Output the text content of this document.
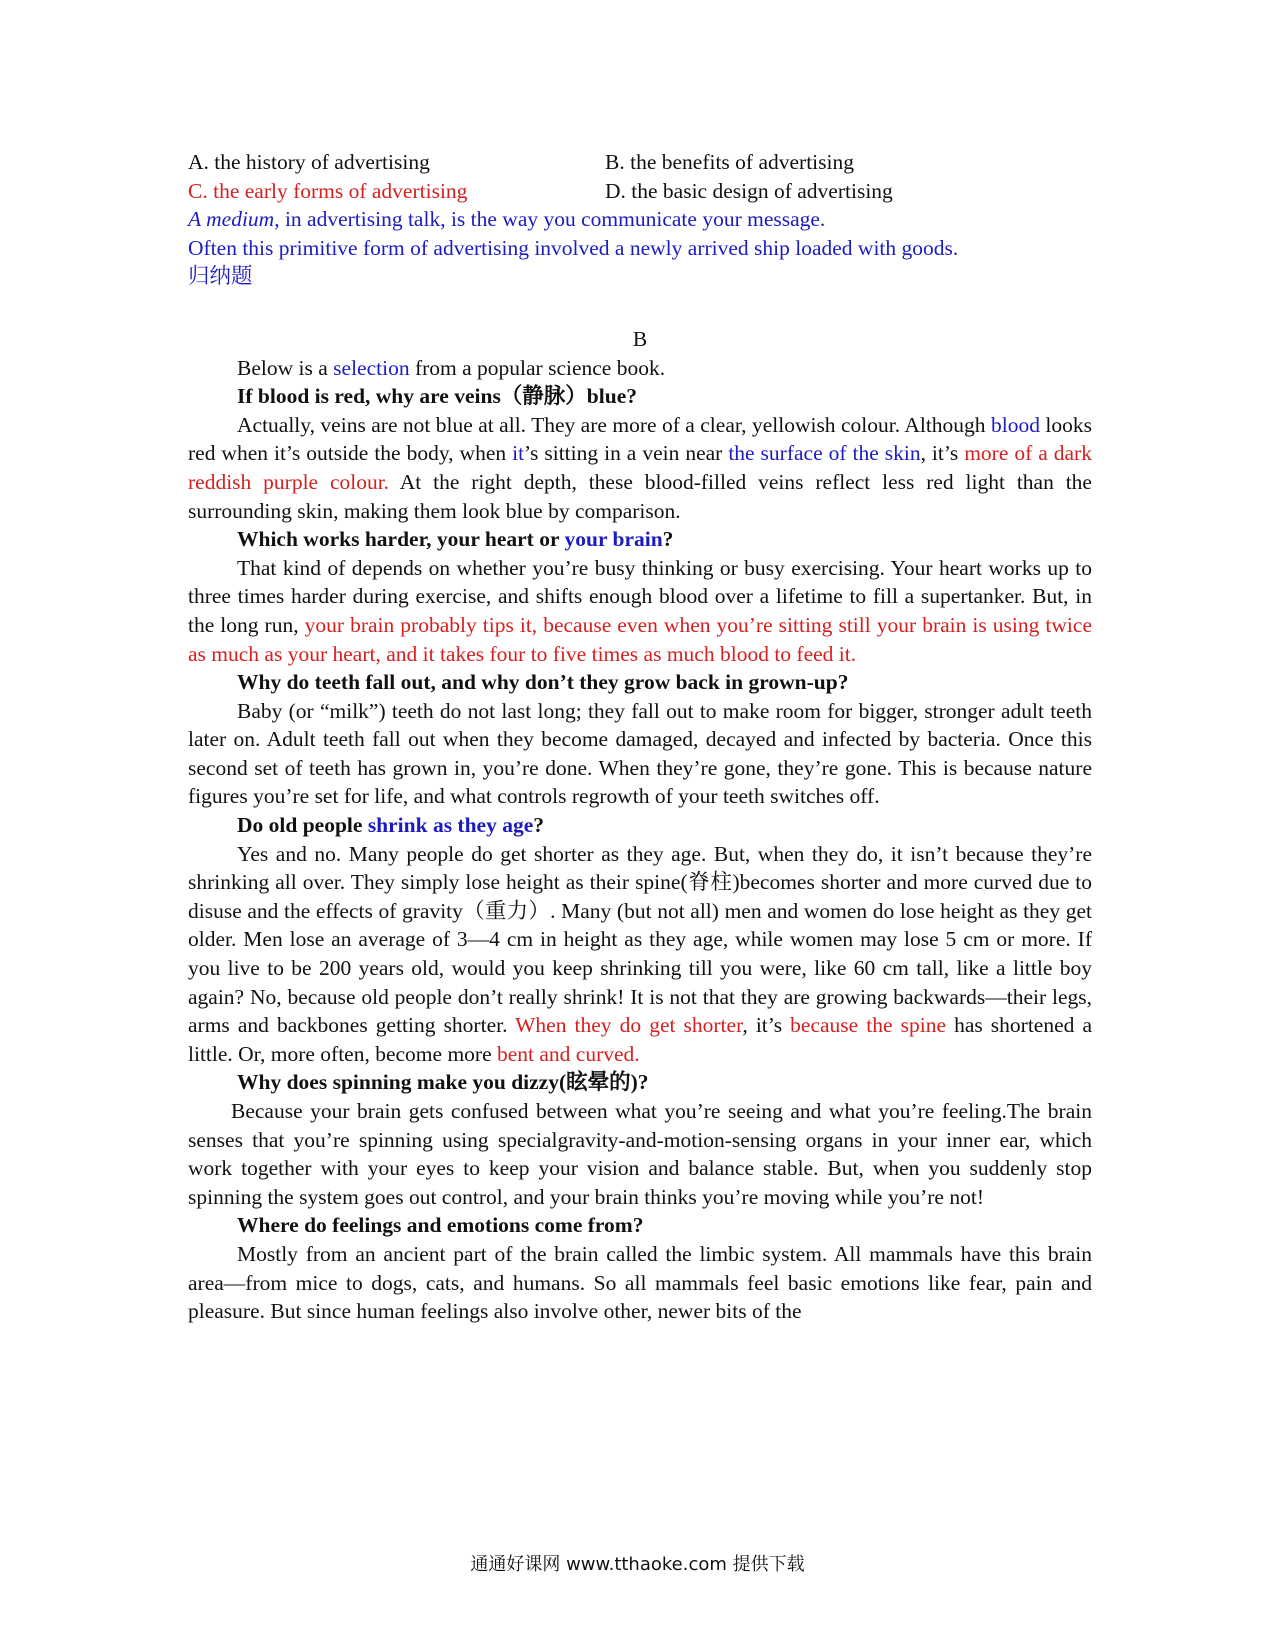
A. the history of advertising	B. the benefits of advertising
C. the early forms of advertising	D. the basic design of advertising
A medium, in advertising talk, is the way you communicate your message.
Often this primitive form of advertising involved a newly arrived ship loaded with goods.
归纳题
B
Below is a selection from a popular science book.
If blood is red, why are veins（静脉）blue?
Actually, veins are not blue at all. They are more of a clear, yellowish colour. Although blood looks red when it’s outside the body, when it’s sitting in a vein near the surface of the skin, it’s more of a dark reddish purple colour. At the right depth, these blood-filled veins reflect less red light than the surrounding skin, making them look blue by comparison.
Which works harder, your heart or your brain?
That kind of depends on whether you’re busy thinking or busy exercising. Your heart works up to three times harder during exercise, and shifts enough blood over a lifetime to fill a supertanker. But, in the long run, your brain probably tips it, because even when you’re sitting still your brain is using twice as much as your heart, and it takes four to five times as much blood to feed it.
Why do teeth fall out, and why don’t they grow back in grown-up?
Baby (or “milk”) teeth do not last long; they fall out to make room for bigger, stronger adult teeth later on. Adult teeth fall out when they become damaged, decayed and infected by bacteria. Once this second set of teeth has grown in, you’re done. When they’re gone, they’re gone. This is because nature figures you’re set for life, and what controls regrowth of your teeth switches off.
Do old people shrink as they age?
Yes and no. Many people do get shorter as they age. But, when they do, it isn’t because they’re shrinking all over. They simply lose height as their spine(脊柱)becomes shorter and more curved due to disuse and the effects of gravity（重力）. Many (but not all) men and women do lose height as they get older. Men lose an average of 3—4 cm in height as they age, while women may lose 5 cm or more. If you live to be 200 years old, would you keep shrinking till you were, like 60 cm tall, like a little boy again? No, because old people don’t really shrink! It is not that they are growing backwards—their legs, arms and backbones getting shorter. When they do get shorter, it’s because the spine has shortened a little. Or, more often, become more bent and curved.
Why does spinning make you dizzy(眩晕的)?
Because your brain gets confused between what you’re seeing and what you’re feeling.The brain senses that you’re spinning using specialgravity-and-motion-sensing organs in your inner ear, which work together with your eyes to keep your vision and balance stable. But, when you suddenly stop spinning the system goes out control, and your brain thinks you’re moving while you’re not!
Where do feelings and emotions come from?
Mostly from an ancient part of the brain called the limbic system. All mammals have this brain area—from mice to dogs, cats, and humans. So all mammals feel basic emotions like fear, pain and pleasure. But since human feelings also involve other, newer bits of the
通通好课网 www.tthaoke.com 提供下载
